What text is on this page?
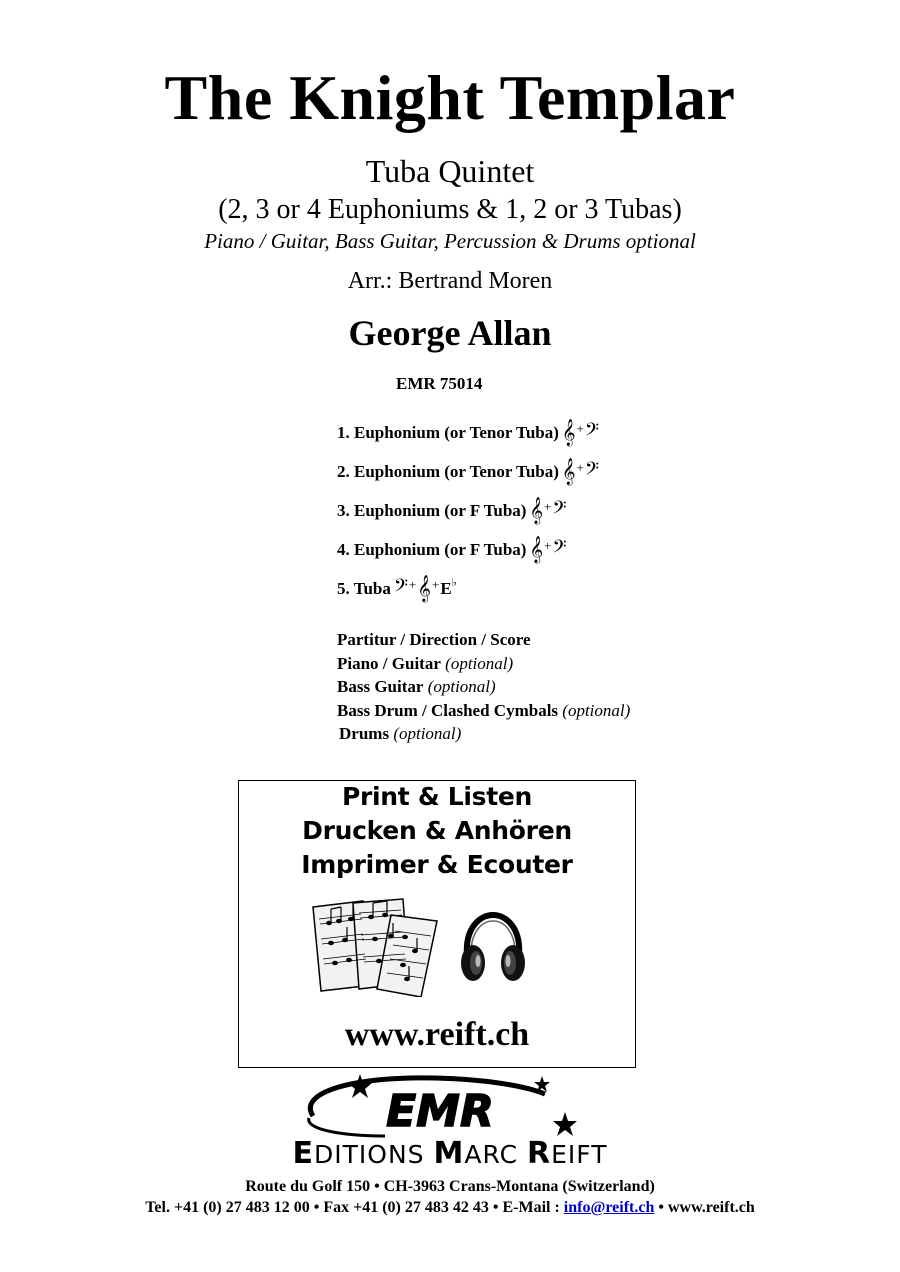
The Knight Templar
Tuba Quintet
(2, 3 or 4 Euphoniums & 1, 2 or 3 Tubas)
Piano / Guitar, Bass Guitar, Percussion & Drums optional
Arr.: Bertrand Moren
George Allan
EMR 75014
1. Euphonium (or Tenor Tuba) 𝄞 + 𝄢
2. Euphonium (or Tenor Tuba) 𝄞 + 𝄢
3. Euphonium (or F Tuba) 𝄞 + 𝄢
4. Euphonium (or F Tuba) 𝄞 + 𝄢
5. Tuba 𝄢 + 𝄞 + E ♭
Partitur / Direction / Score
Piano / Guitar (optional)
Bass Guitar (optional)
Bass Drum / Clashed Cymbals (optional)
Drums (optional)
Print & Listen
Drucken & Anhören
Imprimer & Ecouter
www.reift.ch
EMR
EDITIONS MARC REIFT
Route du Golf 150 • CH-3963 Crans-Montana (Switzerland)
Tel. +41 (0) 27 483 12 00 • Fax +41 (0) 27 483 42 43 • E-Mail : info@reift.ch • www.reift.ch
